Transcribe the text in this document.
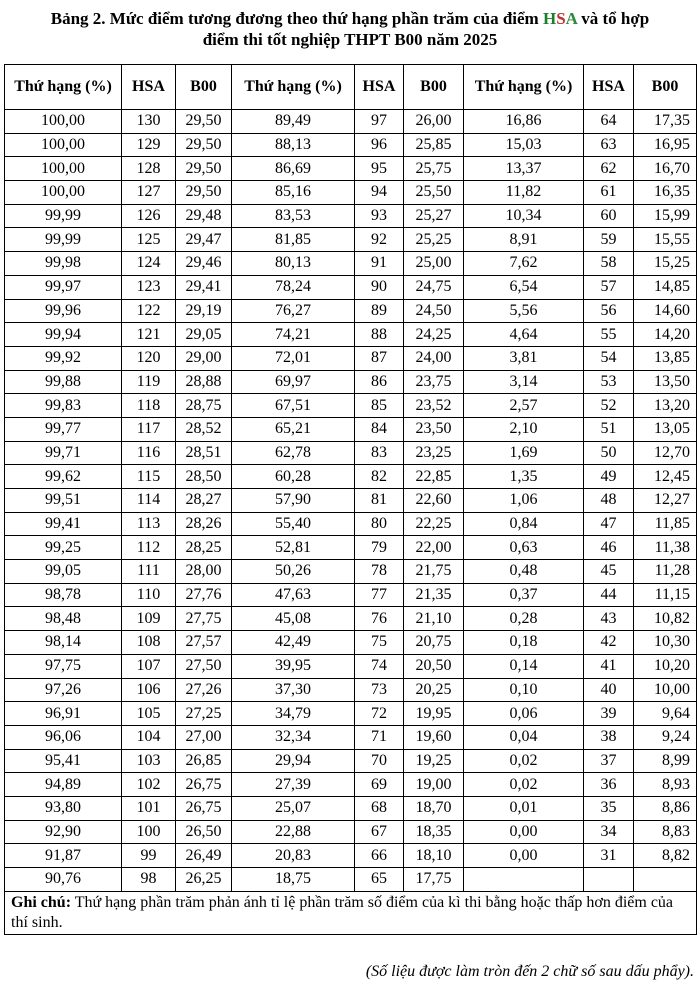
Bảng 2. Mức điểm tương đương theo thứ hạng phần trăm của điểm HSA và tổ hợp
điểm thi tốt nghiệp THPT B00 năm 2025
Thứ hạng (%)	HSA	B00	Thứ hạng (%)	HSA	B00	Thứ hạng (%)	HSA	B00
100,00	130	29,50	89,49	97	26,00	16,86	64	17,35
100,00	129	29,50	88,13	96	25,85	15,03	63	16,95
100,00	128	29,50	86,69	95	25,75	13,37	62	16,70
100,00	127	29,50	85,16	94	25,50	11,82	61	16,35
99,99	126	29,48	83,53	93	25,27	10,34	60	15,99
99,99	125	29,47	81,85	92	25,25	8,91	59	15,55
99,98	124	29,46	80,13	91	25,00	7,62	58	15,25
99,97	123	29,41	78,24	90	24,75	6,54	57	14,85
99,96	122	29,19	76,27	89	24,50	5,56	56	14,60
99,94	121	29,05	74,21	88	24,25	4,64	55	14,20
99,92	120	29,00	72,01	87	24,00	3,81	54	13,85
99,88	119	28,88	69,97	86	23,75	3,14	53	13,50
99,83	118	28,75	67,51	85	23,52	2,57	52	13,20
99,77	117	28,52	65,21	84	23,50	2,10	51	13,05
99,71	116	28,51	62,78	83	23,25	1,69	50	12,70
99,62	115	28,50	60,28	82	22,85	1,35	49	12,45
99,51	114	28,27	57,90	81	22,60	1,06	48	12,27
99,41	113	28,26	55,40	80	22,25	0,84	47	11,85
99,25	112	28,25	52,81	79	22,00	0,63	46	11,38
99,05	111	28,00	50,26	78	21,75	0,48	45	11,28
98,78	110	27,76	47,63	77	21,35	0,37	44	11,15
98,48	109	27,75	45,08	76	21,10	0,28	43	10,82
98,14	108	27,57	42,49	75	20,75	0,18	42	10,30
97,75	107	27,50	39,95	74	20,50	0,14	41	10,20
97,26	106	27,26	37,30	73	20,25	0,10	40	10,00
96,91	105	27,25	34,79	72	19,95	0,06	39	9,64
96,06	104	27,00	32,34	71	19,60	0,04	38	9,24
95,41	103	26,85	29,94	70	19,25	0,02	37	8,99
94,89	102	26,75	27,39	69	19,00	0,02	36	8,93
93,80	101	26,75	25,07	68	18,70	0,01	35	8,86
92,90	100	26,50	22,88	67	18,35	0,00	34	8,83
91,87	99	26,49	20,83	66	18,10	0,00	31	8,82
90,76	98	26,25	18,75	65	17,75			
Ghi chú: Thứ hạng phần trăm phản ánh tỉ lệ phần trăm số điểm của kì thi bằng hoặc thấp hơn điểm của thí sinh.								
(Số liệu được làm tròn đến 2 chữ số sau dấu phẩy).
